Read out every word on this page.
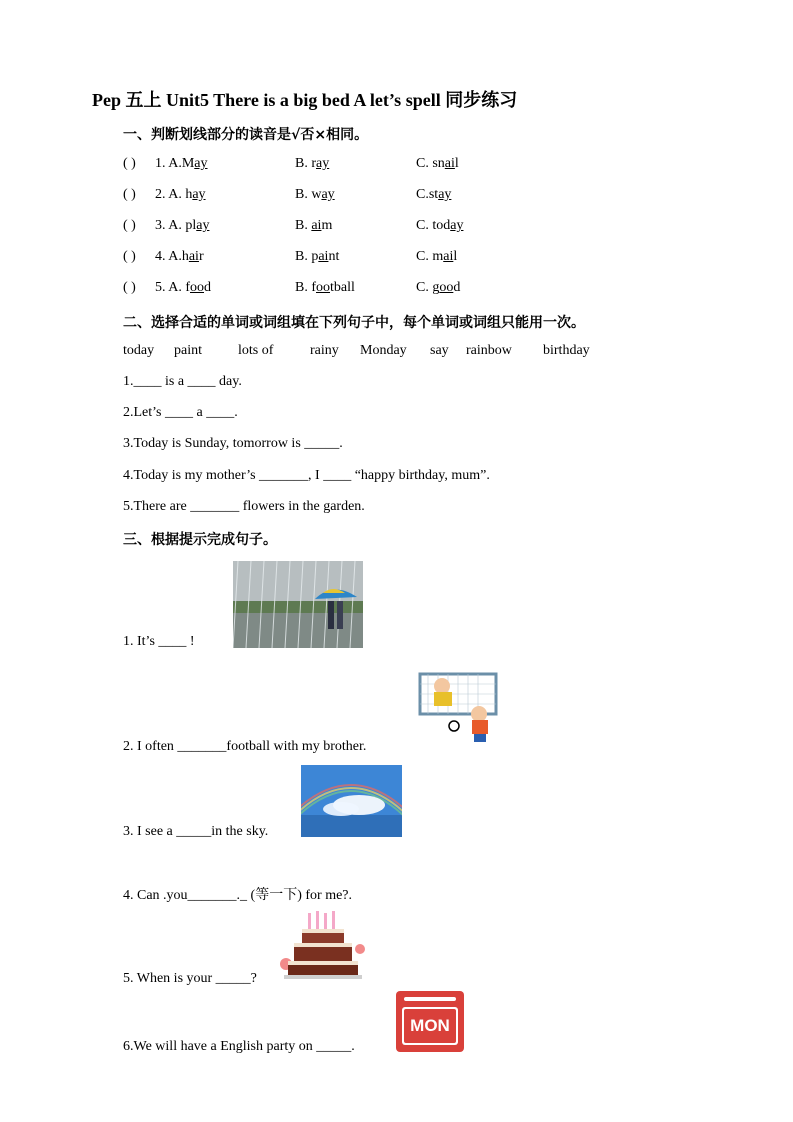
Pep 五上 Unit5 There is a big bed A let’s spell 同步练习
一、判断划线部分的读音是√否×相同。
( ) 1. A.May	B. ray	C. snail
( ) 2. A. hay	B. way	C.stay
( ) 3. A. play	B. aim	C. today
( ) 4. A.hair	B. paint	C. mail
( ) 5. A. food	B. football	C. good
二、选择合适的单词或词组填在下列句子中，每个单词或词组只能用一次。
today paint	lots of	rainy Monday say rainbow birthday
1.____ is a ____ day.
2.Let’s ____ a ____.
3.Today is Sunday, tomorrow is _____.
4.Today is my mother’s _______, I ____ “happy birthday, mum”.
5.There are _______ flowers in the garden.
三、根据提示完成句子。
1. It’s ____ !
2. I often _______football with my brother.
3. I see a _____in the sky.
4. Can .you_______._ (等一下) for me?.
5. When is your _____?
MON
6.We will have a English party on _____.
